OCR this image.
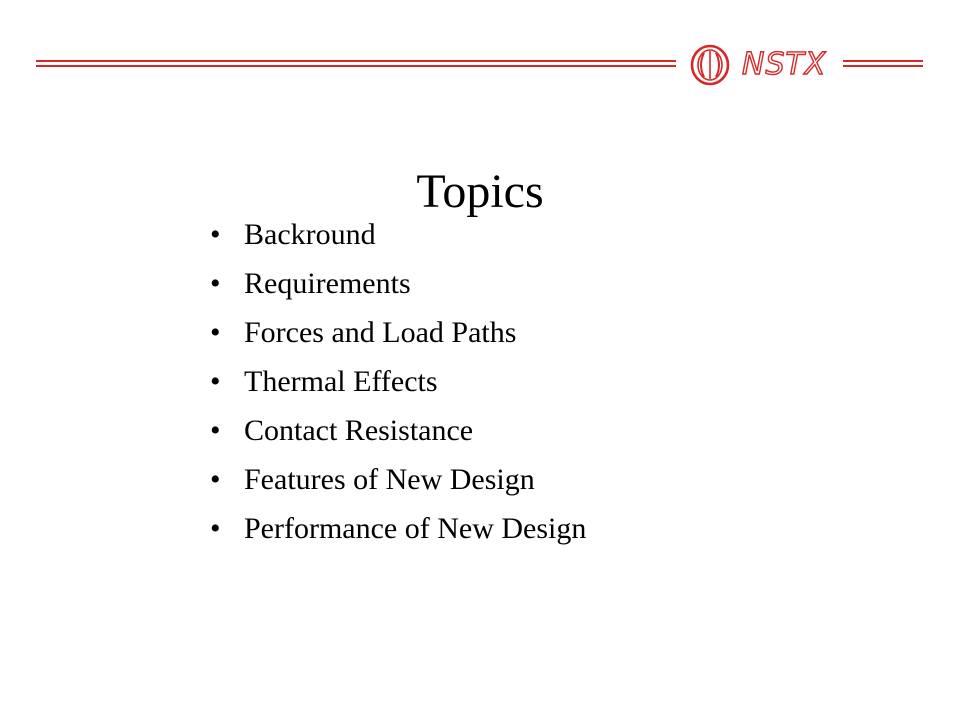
NSTX
Topics
• Backround
• Requirements
• Forces and Load Paths
• Thermal Effects
• Contact Resistance
• Features of New Design
• Performance of New Design
